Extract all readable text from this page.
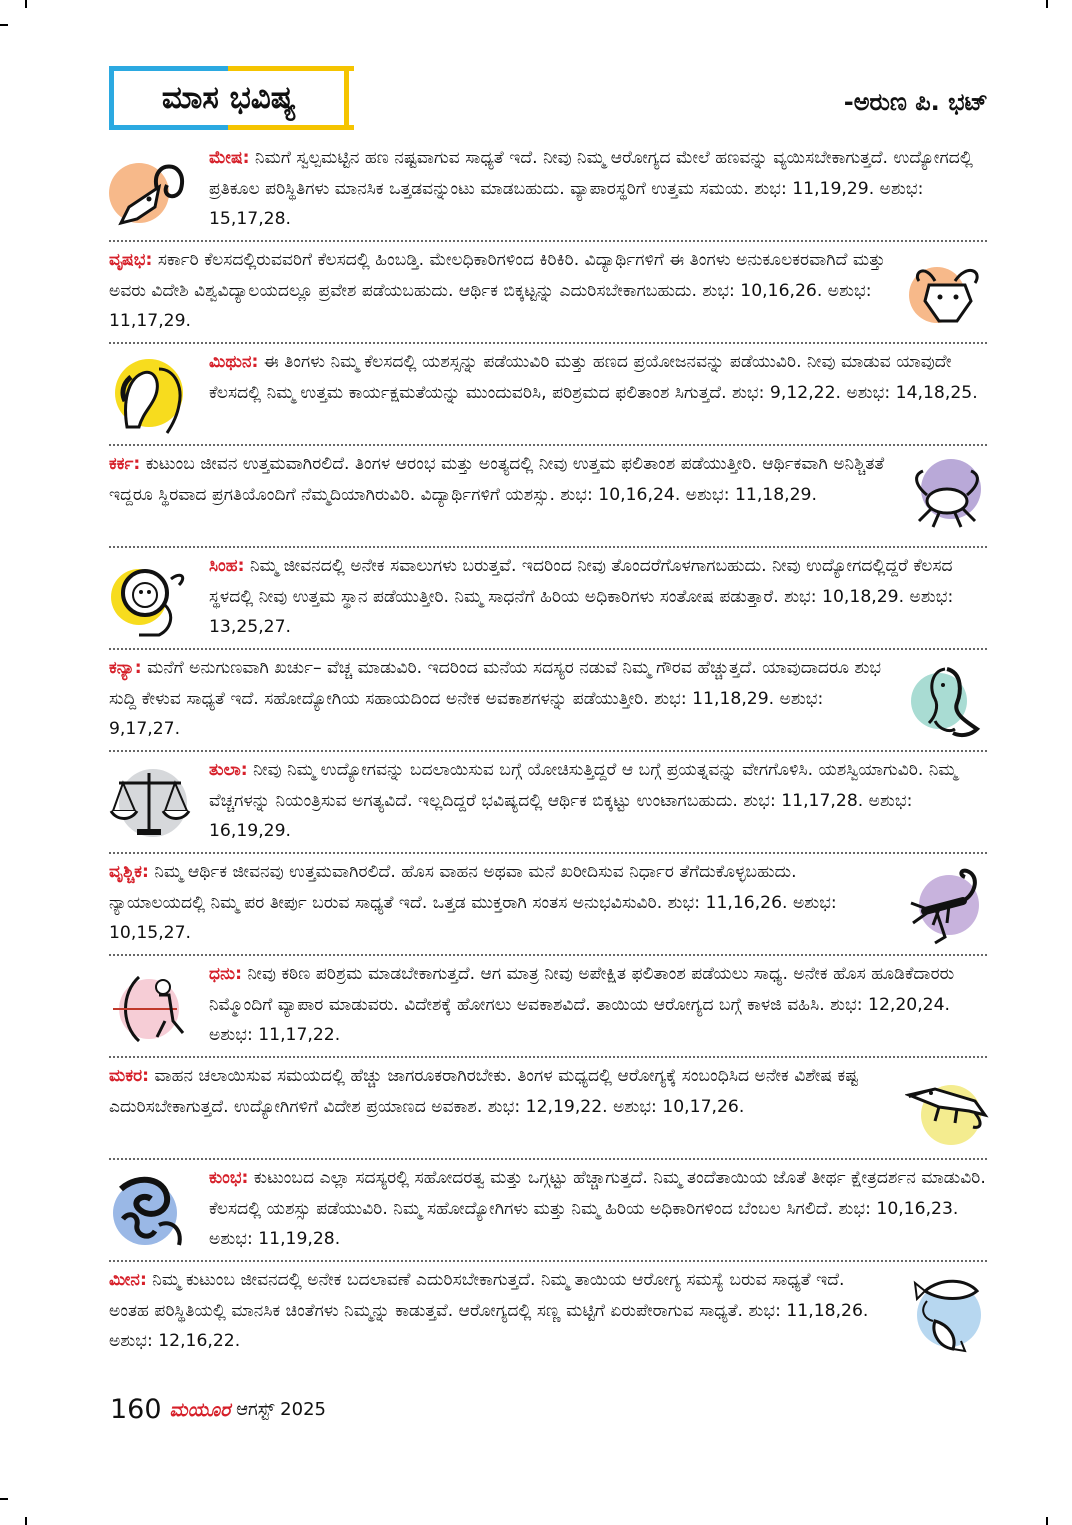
ಮಾಸ ಭವಿಷ್ಯ	-ಅರುಣ ಪಿ. ಭಟ್
ಮೇಷ: ನಿಮಗೆ ಸ್ವಲ್ಪಮಟ್ಟಿನ ಹಣ ನಷ್ಟವಾಗುವ ಸಾಧ್ಯತೆ ಇದೆ. ನೀವು ನಿಮ್ಮ ಆರೋಗ್ಯದ ಮೇಲೆ ಹಣವನ್ನು ವ್ಯಯಿಸಬೇಕಾಗುತ್ತದೆ. ಉದ್ಯೋಗದಲ್ಲಿ ಪ್ರತಿಕೂಲ ಪರಿಸ್ಥಿತಿಗಳು ಮಾನಸಿಕ ಒತ್ತಡವನ್ನುಂಟು ಮಾಡಬಹುದು. ವ್ಯಾಪಾರಸ್ಥರಿಗೆ ಉತ್ತಮ ಸಮಯ. ಶುಭ: 11,19,29. ಅಶುಭ: 15,17,28.
ವೃಷಭ: ಸರ್ಕಾರಿ ಕೆಲಸದಲ್ಲಿರುವವರಿಗೆ ಕೆಲಸದಲ್ಲಿ ಹಿಂಬಡ್ತಿ. ಮೇಲಧಿಕಾರಿಗಳಿಂದ ಕಿರಿಕಿರಿ. ವಿದ್ಯಾರ್ಥಿಗಳಿಗೆ ಈ ತಿಂಗಳು ಅನುಕೂಲಕರವಾಗಿದೆ ಮತ್ತು ಅವರು ವಿದೇಶಿ ವಿಶ್ವವಿದ್ಯಾಲಯದಲ್ಲೂ ಪ್ರವೇಶ ಪಡೆಯಬಹುದು. ಆರ್ಥಿಕ ಬಿಕ್ಕಟ್ಟನ್ನು ಎದುರಿಸಬೇಕಾಗಬಹುದು. ಶುಭ: 10,16,26. ಅಶುಭ: 11,17,29.
ಮಿಥುನ: ಈ ತಿಂಗಳು ನಿಮ್ಮ ಕೆಲಸದಲ್ಲಿ ಯಶಸ್ಸನ್ನು ಪಡೆಯುವಿರಿ ಮತ್ತು ಹಣದ ಪ್ರಯೋಜನವನ್ನು ಪಡೆಯುವಿರಿ. ನೀವು ಮಾಡುವ ಯಾವುದೇ ಕೆಲಸದಲ್ಲಿ ನಿಮ್ಮ ಉತ್ತಮ ಕಾರ್ಯಕ್ಷಮತೆಯನ್ನು ಮುಂದುವರಿಸಿ, ಪರಿಶ್ರಮದ ಫಲಿತಾಂಶ ಸಿಗುತ್ತದೆ. ಶುಭ: 9,12,22. ಅಶುಭ: 14,18,25.
ಕರ್ಕ: ಕುಟುಂಬ ಜೀವನ ಉತ್ತಮವಾಗಿರಲಿದೆ. ತಿಂಗಳ ಆರಂಭ ಮತ್ತು ಅಂತ್ಯದಲ್ಲಿ ನೀವು ಉತ್ತಮ ಫಲಿತಾಂಶ ಪಡೆಯುತ್ತೀರಿ. ಆರ್ಥಿಕವಾಗಿ ಅನಿಶ್ಚಿತತೆ ಇದ್ದರೂ ಸ್ಥಿರವಾದ ಪ್ರಗತಿಯೊಂದಿಗೆ ನೆಮ್ಮದಿಯಾಗಿರುವಿರಿ. ವಿದ್ಯಾರ್ಥಿಗಳಿಗೆ ಯಶಸ್ಸು. ಶುಭ: 10,16,24. ಅಶುಭ: 11,18,29.
ಸಿಂಹ: ನಿಮ್ಮ ಜೀವನದಲ್ಲಿ ಅನೇಕ ಸವಾಲುಗಳು ಬರುತ್ತವೆ. ಇದರಿಂದ ನೀವು ತೊಂದರೆಗೊಳಗಾಗಬಹುದು. ನೀವು ಉದ್ಯೋಗದಲ್ಲಿದ್ದರೆ ಕೆಲಸದ ಸ್ಥಳದಲ್ಲಿ ನೀವು ಉತ್ತಮ ಸ್ಥಾನ ಪಡೆಯುತ್ತೀರಿ. ನಿಮ್ಮ ಸಾಧನೆಗೆ ಹಿರಿಯ ಅಧಿಕಾರಿಗಳು ಸಂತೋಷ ಪಡುತ್ತಾರೆ. ಶುಭ: 10,18,29. ಅಶುಭ: 13,25,27.
ಕನ್ಯಾ: ಮನೆಗೆ ಅನುಗುಣವಾಗಿ ಖರ್ಚು– ವೆಚ್ಚ ಮಾಡುವಿರಿ. ಇದರಿಂದ ಮನೆಯ ಸದಸ್ಯರ ನಡುವೆ ನಿಮ್ಮ ಗೌರವ ಹೆಚ್ಚುತ್ತದೆ. ಯಾವುದಾದರೂ ಶುಭ ಸುದ್ದಿ ಕೇಳುವ ಸಾಧ್ಯತೆ ಇದೆ. ಸಹೋದ್ಯೋಗಿಯ ಸಹಾಯದಿಂದ ಅನೇಕ ಅವಕಾಶಗಳನ್ನು ಪಡೆಯುತ್ತೀರಿ. ಶುಭ: 11,18,29. ಅಶುಭ: 9,17,27.
ತುಲಾ: ನೀವು ನಿಮ್ಮ ಉದ್ಯೋಗವನ್ನು ಬದಲಾಯಿಸುವ ಬಗ್ಗೆ ಯೋಚಿಸುತ್ತಿದ್ದರೆ ಆ ಬಗ್ಗೆ ಪ್ರಯತ್ನವನ್ನು ವೇಗಗೊಳಿಸಿ. ಯಶಸ್ವಿಯಾಗುವಿರಿ. ನಿಮ್ಮ ವೆಚ್ಚಗಳನ್ನು ನಿಯಂತ್ರಿಸುವ ಅಗತ್ಯವಿದೆ. ಇಲ್ಲದಿದ್ದರೆ ಭವಿಷ್ಯದಲ್ಲಿ ಆರ್ಥಿಕ ಬಿಕ್ಕಟ್ಟು ಉಂಟಾಗಬಹುದು. ಶುಭ: 11,17,28. ಅಶುಭ: 16,19,29.
ವೃಶ್ಚಿಕ: ನಿಮ್ಮ ಆರ್ಥಿಕ ಜೀವನವು ಉತ್ತಮವಾಗಿರಲಿದೆ. ಹೊಸ ವಾಹನ ಅಥವಾ ಮನೆ ಖರೀದಿಸುವ ನಿರ್ಧಾರ ತೆಗೆದುಕೊಳ್ಳಬಹುದು. ನ್ಯಾಯಾಲಯದಲ್ಲಿ ನಿಮ್ಮ ಪರ ತೀರ್ಪು ಬರುವ ಸಾಧ್ಯತೆ ಇದೆ. ಒತ್ತಡ ಮುಕ್ತರಾಗಿ ಸಂತಸ ಅನುಭವಿಸುವಿರಿ. ಶುಭ: 11,16,26. ಅಶುಭ: 10,15,27.
ಧನು: ನೀವು ಕಠಿಣ ಪರಿಶ್ರಮ ಮಾಡಬೇಕಾಗುತ್ತದೆ. ಆಗ ಮಾತ್ರ ನೀವು ಅಪೇಕ್ಷಿತ ಫಲಿತಾಂಶ ಪಡೆಯಲು ಸಾಧ್ಯ. ಅನೇಕ ಹೊಸ ಹೂಡಿಕೆದಾರರು ನಿಮ್ಮೊಂದಿಗೆ ವ್ಯಾಪಾರ ಮಾಡುವರು. ವಿದೇಶಕ್ಕೆ ಹೋಗಲು ಅವಕಾಶವಿದೆ. ತಾಯಿಯ ಆರೋಗ್ಯದ ಬಗ್ಗೆ ಕಾಳಜಿ ವಹಿಸಿ. ಶುಭ: 12,20,24. ಅಶುಭ: 11,17,22.
ಮಕರ: ವಾಹನ ಚಲಾಯಿಸುವ ಸಮಯದಲ್ಲಿ ಹೆಚ್ಚು ಜಾಗರೂಕರಾಗಿರಬೇಕು. ತಿಂಗಳ ಮಧ್ಯದಲ್ಲಿ ಆರೋಗ್ಯಕ್ಕೆ ಸಂಬಂಧಿಸಿದ ಅನೇಕ ವಿಶೇಷ ಕಷ್ಟ ಎದುರಿಸಬೇಕಾಗುತ್ತದೆ. ಉದ್ಯೋಗಿಗಳಿಗೆ ವಿದೇಶ ಪ್ರಯಾಣದ ಅವಕಾಶ. ಶುಭ: 12,19,22. ಅಶುಭ: 10,17,26.
ಕುಂಭ: ಕುಟುಂಬದ ಎಲ್ಲಾ ಸದಸ್ಯರಲ್ಲಿ ಸಹೋದರತ್ವ ಮತ್ತು ಒಗ್ಗಟ್ಟು ಹೆಚ್ಚಾಗುತ್ತದೆ. ನಿಮ್ಮ ತಂದೆತಾಯಿಯ ಜೊತೆ ತೀರ್ಥ ಕ್ಷೇತ್ರದರ್ಶನ ಮಾಡುವಿರಿ. ಕೆಲಸದಲ್ಲಿ ಯಶಸ್ಸು ಪಡೆಯುವಿರಿ. ನಿಮ್ಮ ಸಹೋದ್ಯೋಗಿಗಳು ಮತ್ತು ನಿಮ್ಮ ಹಿರಿಯ ಅಧಿಕಾರಿಗಳಿಂದ ಬೆಂಬಲ ಸಿಗಲಿದೆ. ಶುಭ: 10,16,23. ಅಶುಭ: 11,19,28.
ಮೀನ: ನಿಮ್ಮ ಕುಟುಂಬ ಜೀವನದಲ್ಲಿ ಅನೇಕ ಬದಲಾವಣೆ ಎದುರಿಸಬೇಕಾಗುತ್ತದೆ. ನಿಮ್ಮ ತಾಯಿಯ ಆರೋಗ್ಯ ಸಮಸ್ಯೆ ಬರುವ ಸಾಧ್ಯತೆ ಇದೆ. ಅಂತಹ ಪರಿಸ್ಥಿತಿಯಲ್ಲಿ ಮಾನಸಿಕ ಚಿಂತೆಗಳು ನಿಮ್ಮನ್ನು ಕಾಡುತ್ತವೆ. ಆರೋಗ್ಯದಲ್ಲಿ ಸಣ್ಣ ಮಟ್ಟಿಗೆ ಏರುಪೇರಾಗುವ ಸಾಧ್ಯತೆ. ಶುಭ: 11,18,26. ಅಶುಭ: 12,16,22.
160 ಮಯೂರ ಆಗಸ್ಟ್ 2025
